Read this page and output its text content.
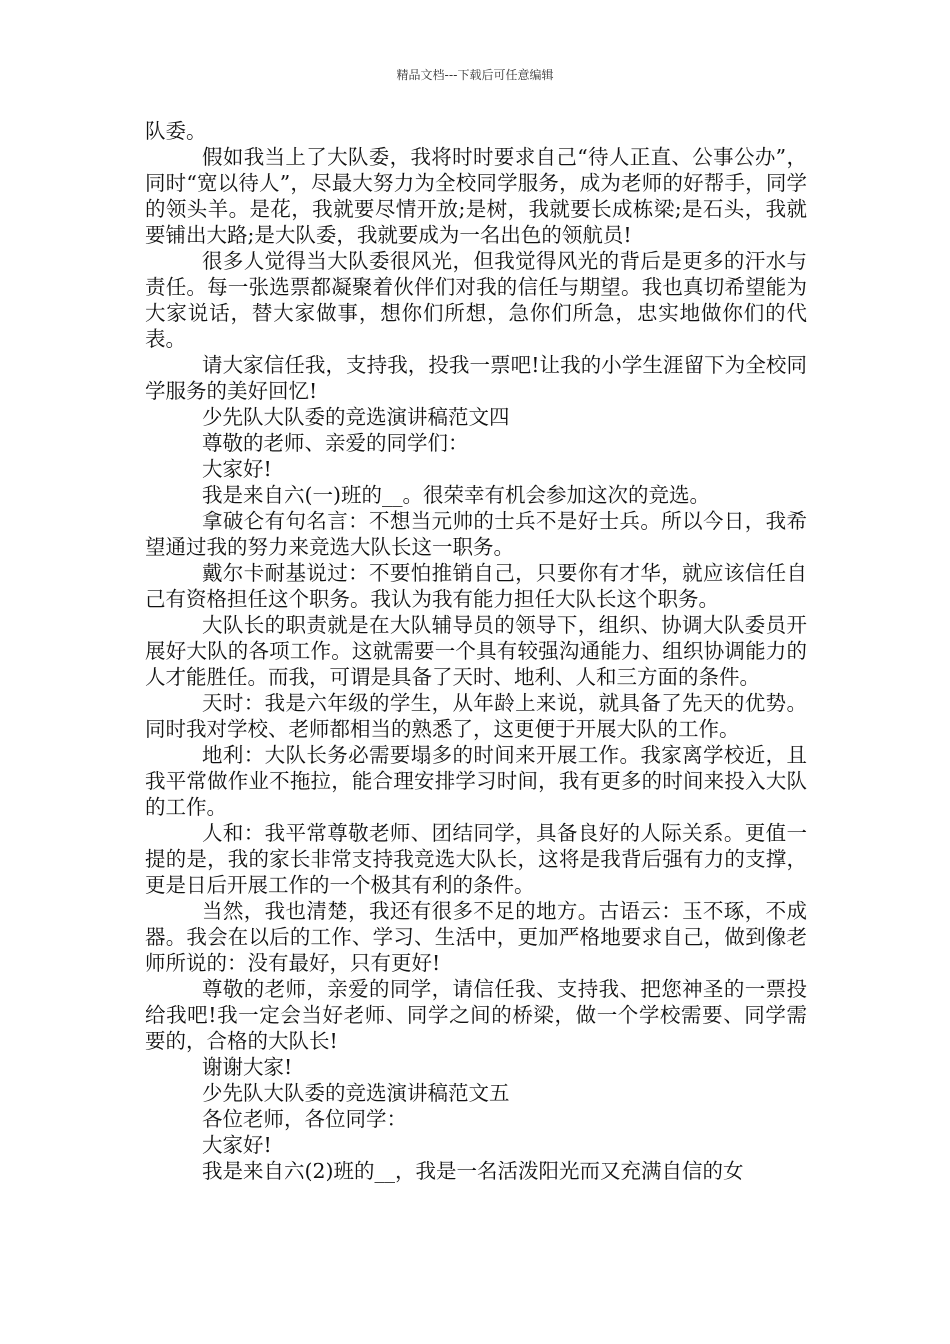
精品文档---下载后可任意编辑

队委。

假如我当上了大队委，我将时时要求自己“待人正直、公事公办”，同时“宽以待人”，尽最大努力为全校同学服务，成为老师的好帮手，同学的领头羊。是花，我就要尽情开放;是树，我就要长成栋梁;是石头，我就要铺出大路;是大队委，我就要成为一名出色的领航员!

很多人觉得当大队委很风光，但我觉得风光的背后是更多的汗水与责任。每一张选票都凝聚着伙伴们对我的信任与期望。我也真切希望能为大家说话，替大家做事，想你们所想，急你们所急，忠实地做你们的代表。

请大家信任我，支持我，投我一票吧!让我的小学生涯留下为全校同学服务的美好回忆!

少先队大队委的竞选演讲稿范文四

尊敬的老师、亲爱的同学们：

大家好!

我是来自六(一)班的__。很荣幸有机会参加这次的竞选。

拿破仑有句名言：不想当元帅的士兵不是好士兵。所以今日，我希望通过我的努力来竞选大队长这一职务。

戴尔卡耐基说过：不要怕推销自己，只要你有才华，就应该信任自己有资格担任这个职务。我认为我有能力担任大队长这个职务。

大队长的职责就是在大队辅导员的领导下，组织、协调大队委员开展好大队的各项工作。这就需要一个具有较强沟通能力、组织协调能力的人才能胜任。而我，可谓是具备了天时、地利、人和三方面的条件。

天时：我是六年级的学生，从年龄上来说，就具备了先天的优势。同时我对学校、老师都相当的熟悉了，这更便于开展大队的工作。

地利：大队长务必需要塌多的时间来开展工作。我家离学校近，且我平常做作业不拖拉，能合理安排学习时间，我有更多的时间来投入大队的工作。

人和：我平常尊敬老师、团结同学，具备良好的人际关系。更值一提的是，我的家长非常支持我竞选大队长，这将是我背后强有力的支撑，更是日后开展工作的一个极其有利的条件。

当然，我也清楚，我还有很多不足的地方。古语云：玉不琢，不成器。我会在以后的工作、学习、生活中，更加严格地要求自己，做到像老师所说的：没有最好，只有更好!

尊敬的老师，亲爱的同学，请信任我、支持我、把您神圣的一票投给我吧!我一定会当好老师、同学之间的桥梁，做一个学校需要、同学需要的，合格的大队长!

谢谢大家!

少先队大队委的竞选演讲稿范文五

各位老师，各位同学：

大家好!

我是来自六(2)班的__，我是一名活泼阳光而又充满自信的女
